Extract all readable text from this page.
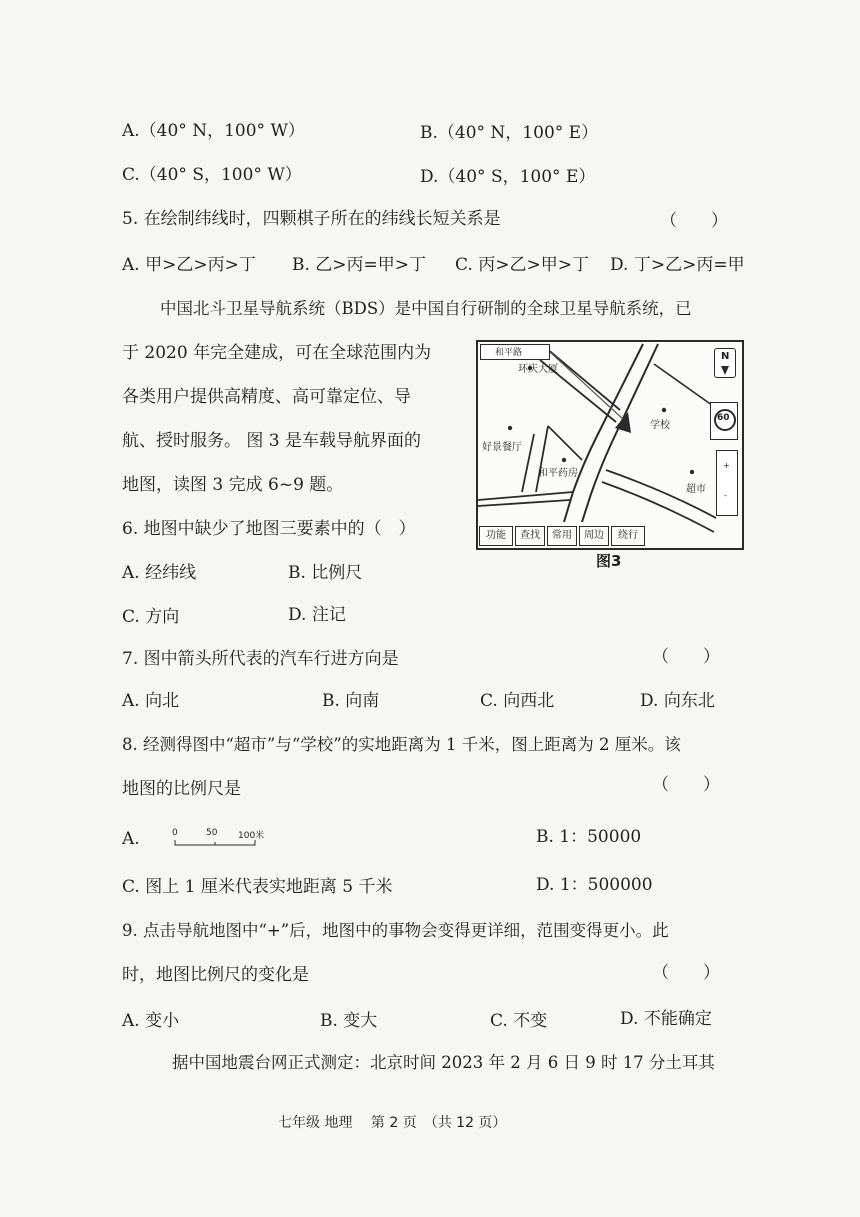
A.（40° N，100° W）	B.（40° N，100° E）
C.（40° S，100° W）	D.（40° S，100° E）
5. 在绘制纬线时，四颗棋子所在的纬线长短关系是	（　　）
A. 甲>乙>丙>丁 B. 乙>丙=甲>丁 C. 丙>乙>甲>丁 D. 丁>乙>丙=甲
中国北斗卫星导航系统（BDS）是中国自行研制的全球卫星导航系统，已
于 2020 年完全建成，可在全球范围内为
各类用户提供高精度、高可靠定位、导
航、授时服务。 图 3 是车载导航界面的
地图，读图 3 完成 6~9 题。
和平路
环庆大厦
学校
好景餐厅
和平药房
超市
N
60
+
-
功能	查找	常用	周边	绕行
图3
6. 地图中缺少了地图三要素中的（　）
A. 经纬线	B. 比例尺
C. 方向	D. 注记
7. 图中箭头所代表的汽车行进方向是	（　　）
A. 向北	B. 向南	C. 向西北	D. 向东北
8. 经测得图中“超市”与“学校”的实地距离为 1 千米，图上距离为 2 厘米。该
地图的比例尺是	（　　）
A.	0	50 100米	B. 1：50000
C. 图上 1 厘米代表实地距离 5 千米	D. 1：500000
9. 点击导航地图中“+”后，地图中的事物会变得更详细，范围变得更小。此
时，地图比例尺的变化是	（　　）
A. 变小	B. 变大	C. 不变	D. 不能确定
据中国地震台网正式测定：北京时间 2023 年 2 月 6 日 9 时 17 分土耳其
七年级 地理　 第 2 页　（共 12 页）
